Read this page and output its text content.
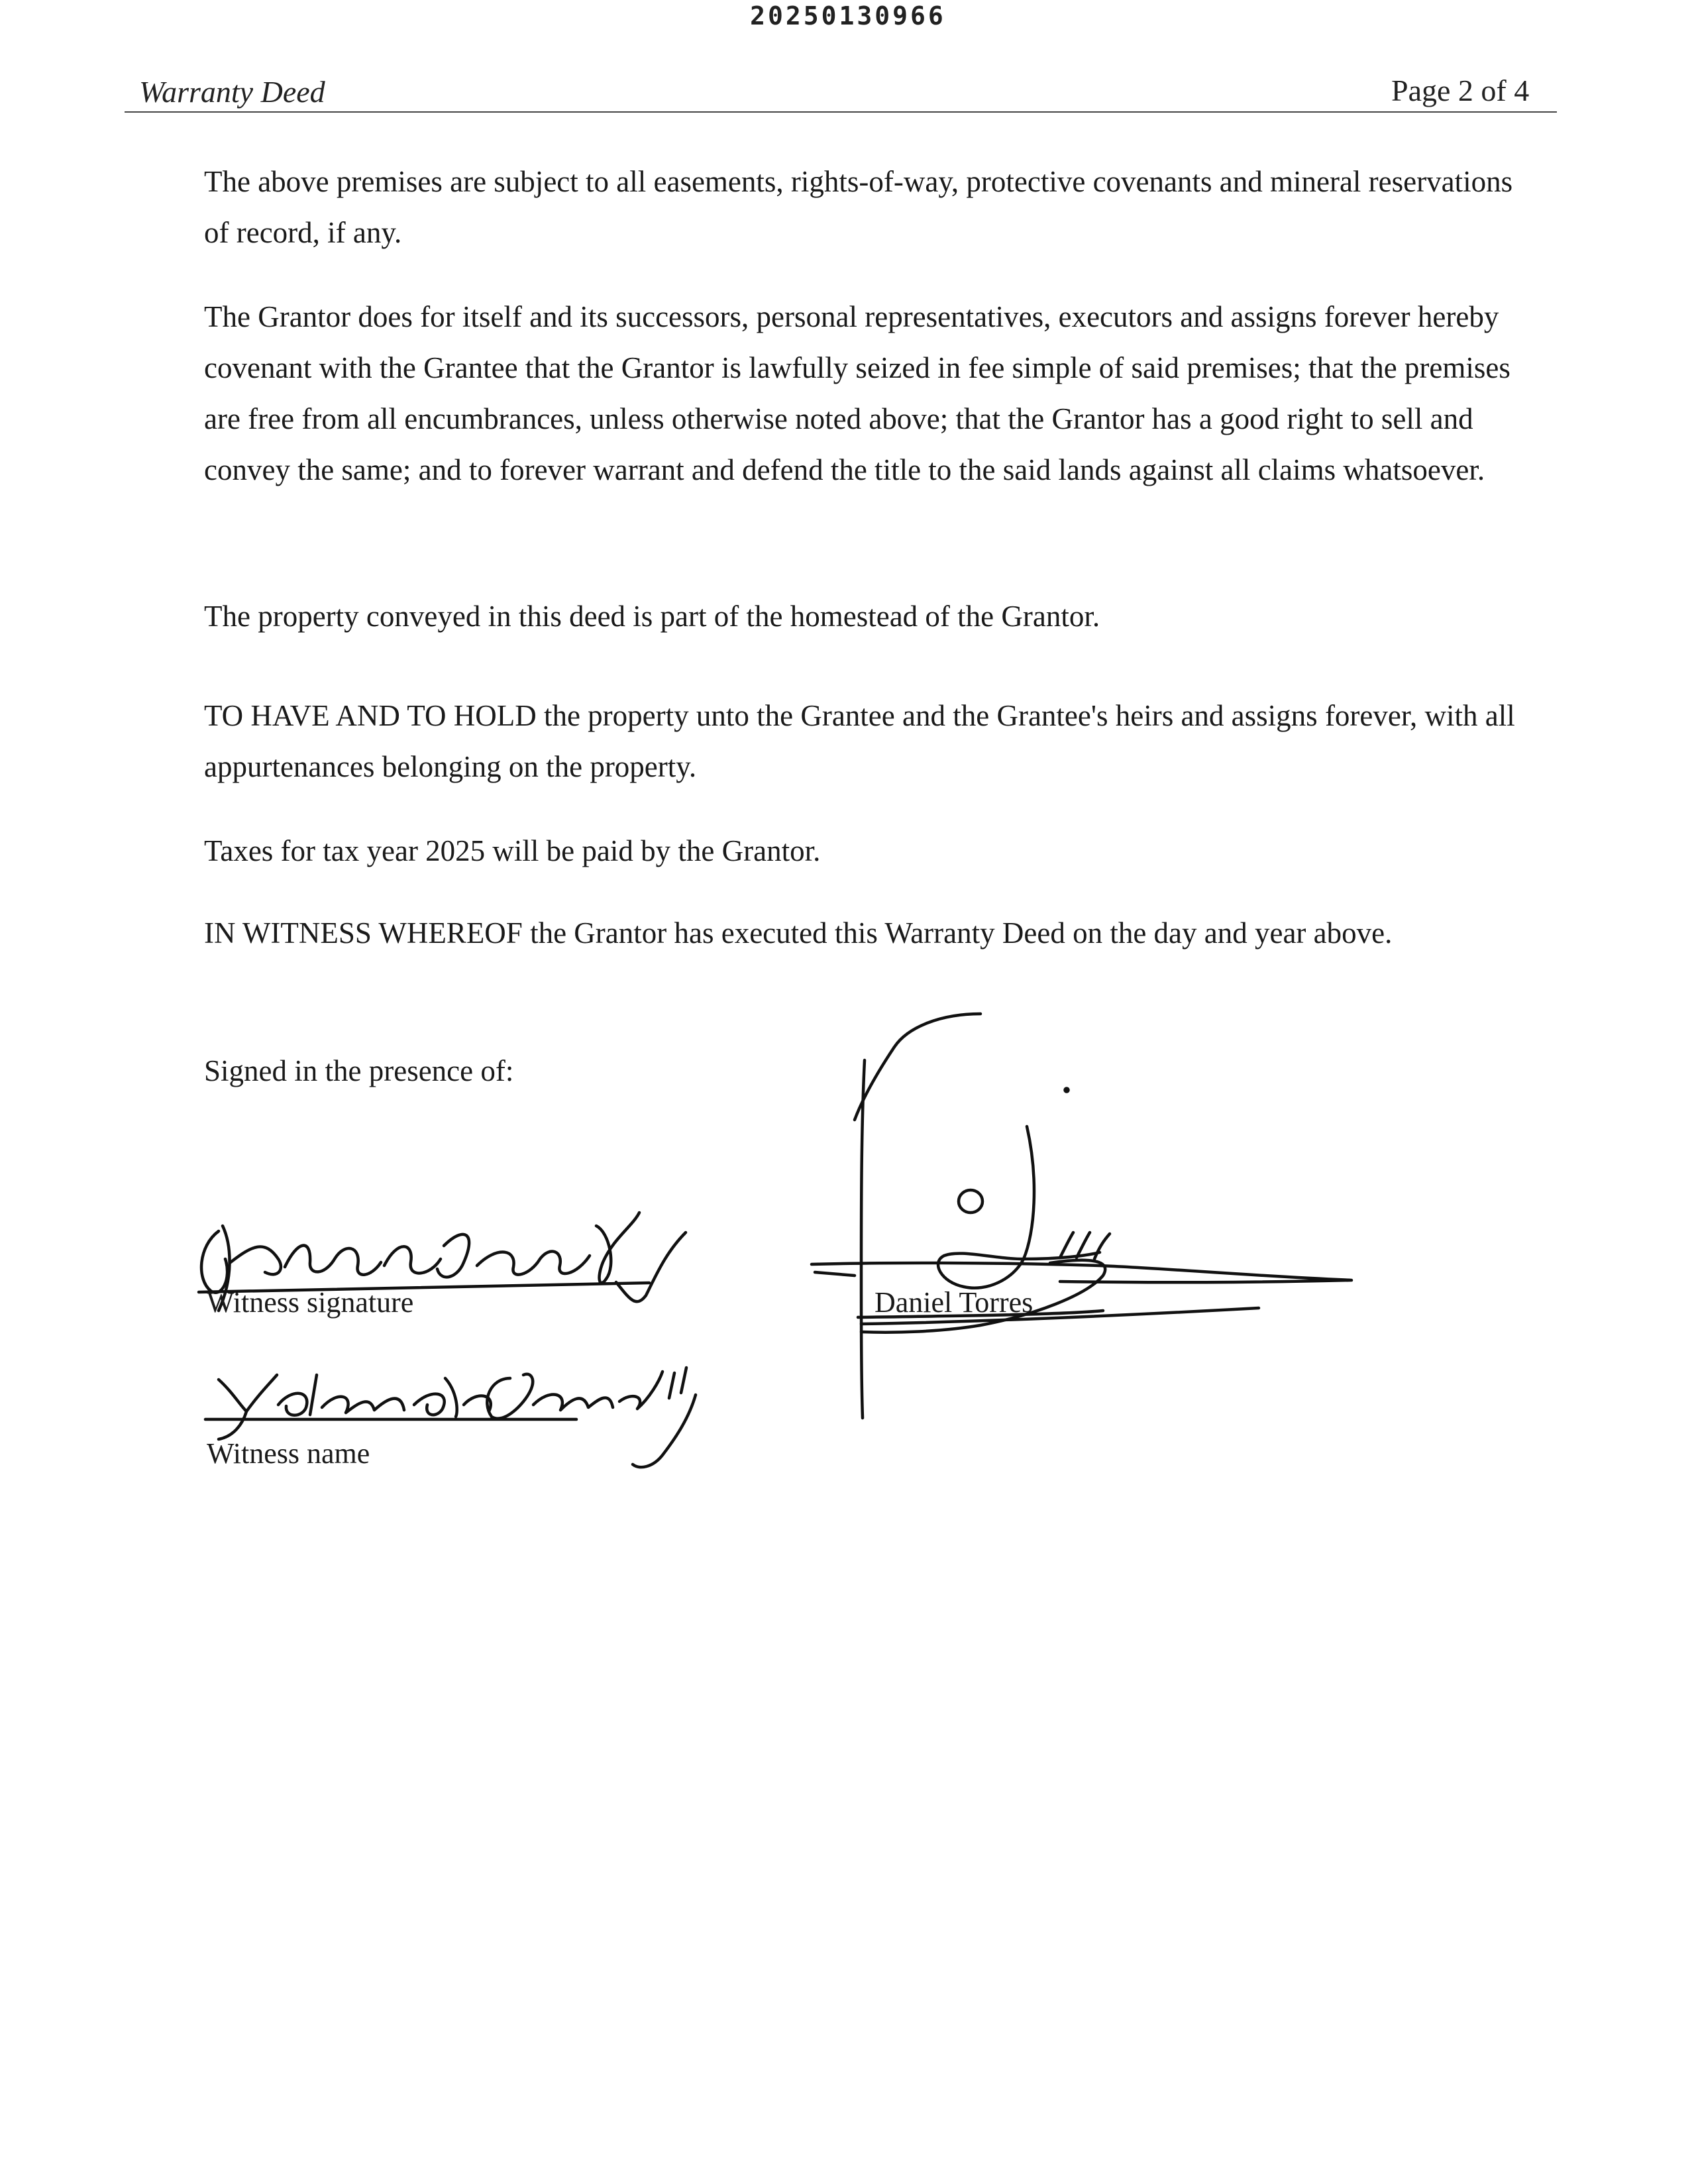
20250130966
Warranty Deed	Page 2 of 4
The above premises are subject to all easements, rights-of-way, protective covenants and mineral reservations of record, if any.
The Grantor does for itself and its successors, personal representatives, executors and assigns forever hereby covenant with the Grantee that the Grantor is lawfully seized in fee simple of said premises; that the premises are free from all encumbrances, unless otherwise noted above; that the Grantor has a good right to sell and convey the same; and to forever warrant and defend the title to the said lands against all claims whatsoever.
The property conveyed in this deed is part of the homestead of the Grantor.
TO HAVE AND TO HOLD the property unto the Grantee and the Grantee's heirs and assigns forever, with all appurtenances belonging on the property.
Taxes for tax year 2025 will be paid by the Grantor.
IN WITNESS WHEREOF the Grantor has executed this Warranty Deed on the day and year above.
Signed in the presence of:
Witness signature
Witness name
Daniel Torres
